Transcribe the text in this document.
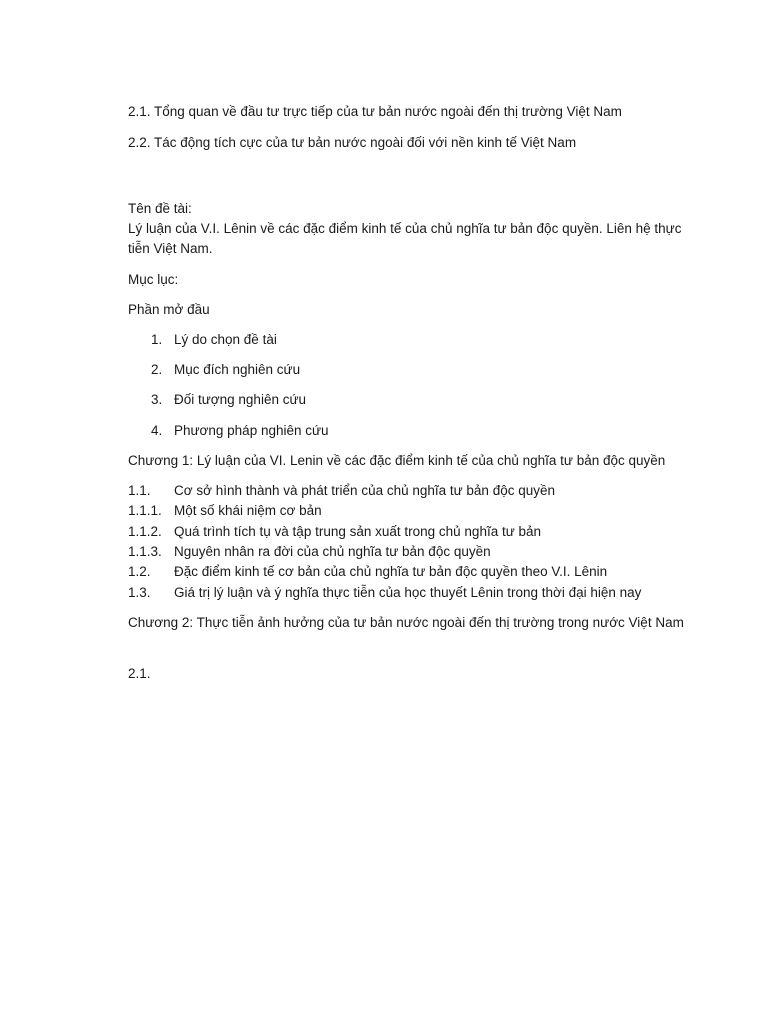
2.1. Tổng quan về đầu tư trực tiếp của tư bản nước ngoài đến thị trường Việt Nam

2.2. Tác động tích cực của tư bản nước ngoài đối với nền kinh tế Việt Nam

Tên đề tài:

Lý luận của V.I. Lênin về các đặc điểm kinh tế của chủ nghĩa tư bản độc quyền. Liên hệ thực tiễn Việt Nam.

Mục lục:

Phần mở đầu

1. Lý do chọn đề tài

2. Mục đích nghiên cứu

3. Đối tượng nghiên cứu

4. Phương pháp nghiên cứu

Chương 1: Lý luận của VI. Lenin về các đặc điểm kinh tế của chủ nghĩa tư bản độc quyền

1.1. Cơ sở hình thành và phát triển của chủ nghĩa tư bản độc quyền

1.1.1. Một số khái niệm cơ bản

1.1.2. Quá trình tích tụ và tập trung sản xuất trong chủ nghĩa tư bản

1.1.3. Nguyên nhân ra đời của chủ nghĩa tư bản độc quyền

1.2. Đặc điểm kinh tế cơ bản của chủ nghĩa tư bản độc quyền theo V.I. Lênin

1.3. Giá trị lý luận và ý nghĩa thực tiễn của học thuyết Lênin trong thời đại hiện nay

Chương 2: Thực tiễn ảnh hưởng của tư bản nước ngoài đến thị trường trong nước Việt Nam

2.1.
